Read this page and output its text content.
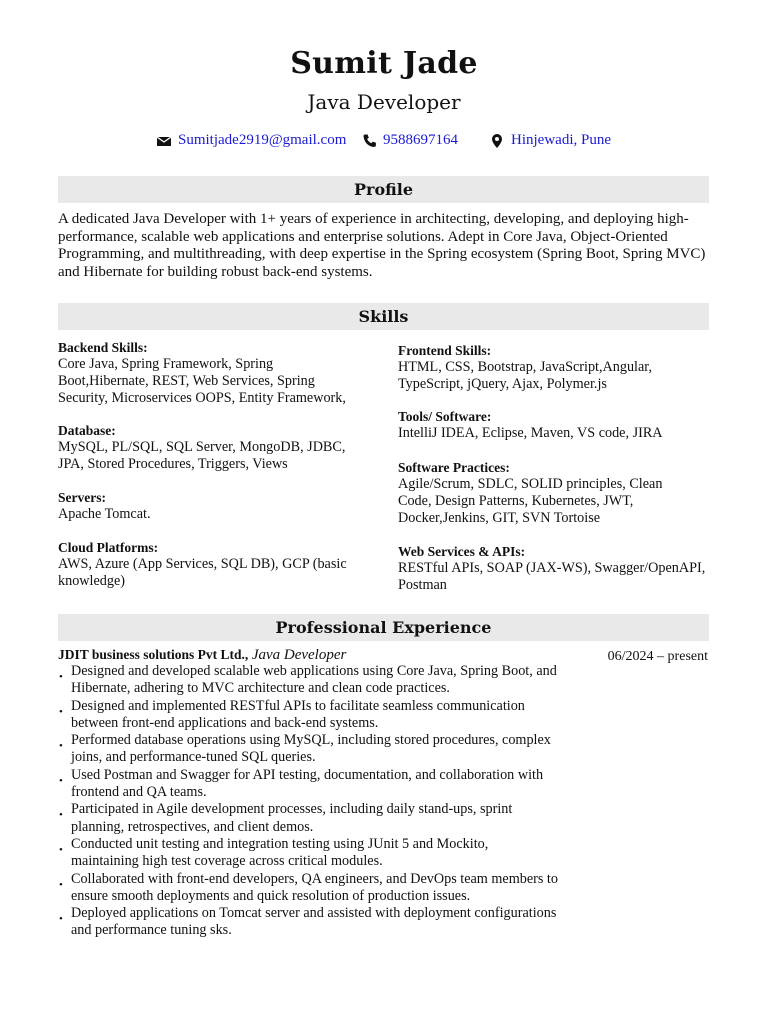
Sumit Jade
Java Developer
Sumitjade2919@gmail.com 9588697164	Hinjewadi, Pune
Profile
A dedicated Java Developer with 1+ years of experience in architecting, developing, and deploying high- performance, scalable web applications and enterprise solutions. Adept in Core Java, Object-Oriented Programming, and multithreading, with deep expertise in the Spring ecosystem (Spring Boot, Spring MVC) and Hibernate for building robust back-end systems.
Skills
Backend Skills:
Core Java, Spring Framework, Spring Boot,Hibernate, REST, Web Services, Spring Security, Microservices OOPS, Entity Framework,
Database:
MySQL, PL/SQL, SQL Server, MongoDB, JDBC, JPA, Stored Procedures, Triggers, Views
Servers:
Apache Tomcat.
Cloud Platforms:
AWS, Azure (App Services, SQL DB), GCP (basic knowledge)
Frontend Skills:
HTML, CSS, Bootstrap, JavaScript,Angular, TypeScript, jQuery, Ajax, Polymer.js
Tools/ Software:
IntelliJ IDEA, Eclipse, Maven, VS code, JIRA
Software Practices:
Agile/Scrum, SDLC, SOLID principles, Clean Code, Design Patterns, Kubernetes, JWT, Docker,Jenkins, GIT, SVN Tortoise
Web Services & APIs:
RESTful APIs, SOAP (JAX-WS), Swagger/OpenAPI, Postman
Professional Experience
JDIT business solutions Pvt Ltd., Java Developer	06/2024 – present
• Designed and developed scalable web applications using Core Java, Spring Boot, and Hibernate, adhering to MVC architecture and clean code practices.
• Designed and implemented RESTful APIs to facilitate seamless communication between front-end applications and back-end systems.
• Performed database operations using MySQL, including stored procedures, complex joins, and performance-tuned SQL queries.
• Used Postman and Swagger for API testing, documentation, and collaboration with frontend and QA teams.
• Participated in Agile development processes, including daily stand-ups, sprint planning, retrospectives, and client demos.
• Conducted unit testing and integration testing using JUnit 5 and Mockito, maintaining high test coverage across critical modules.
• Collaborated with front-end developers, QA engineers, and DevOps team members to ensure smooth deployments and quick resolution of production issues.
• Deployed applications on Tomcat server and assisted with deployment configurations and performance tuning sks.
